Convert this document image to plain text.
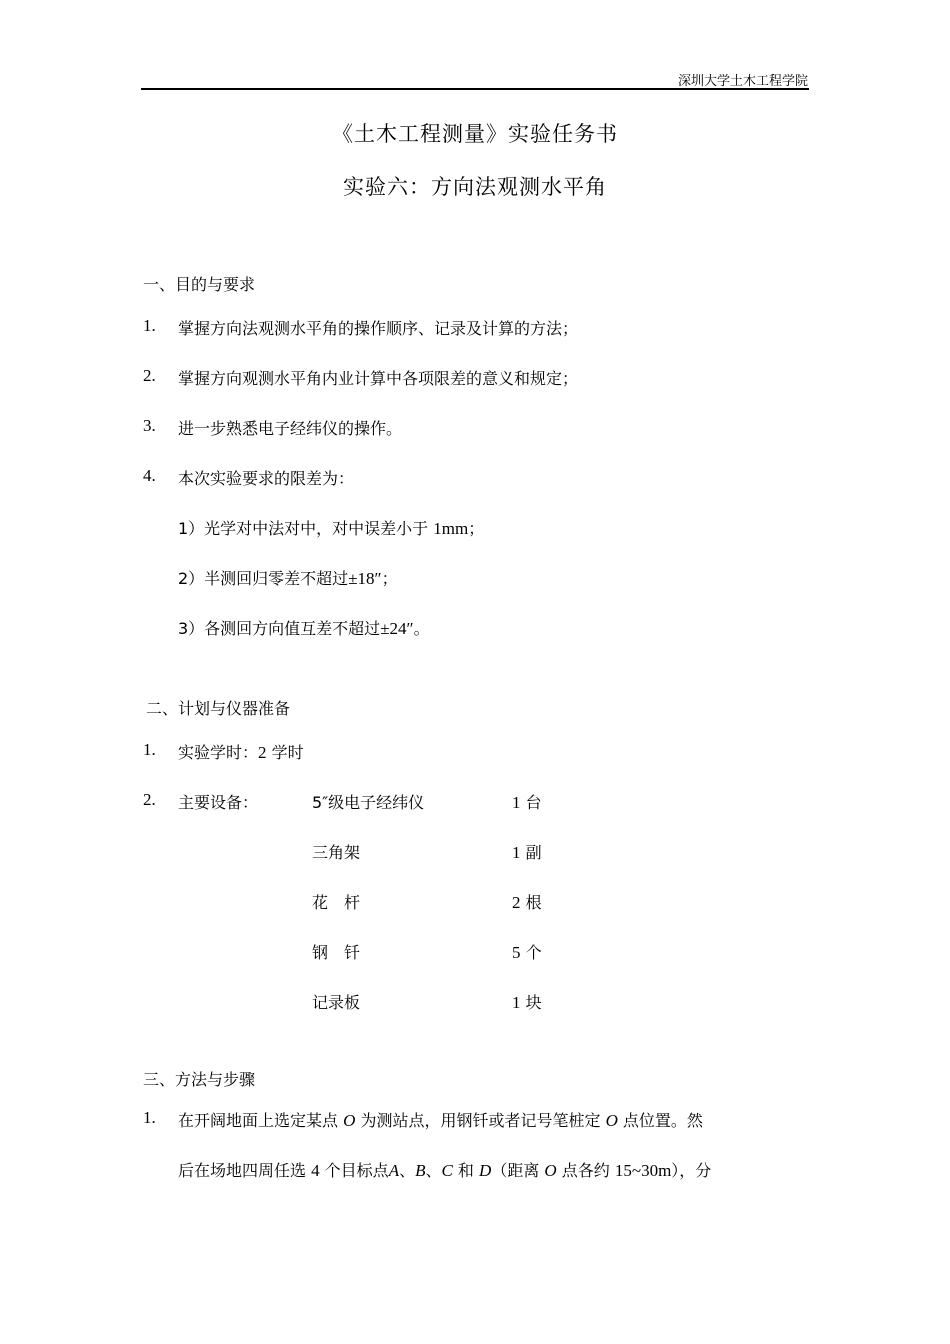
深圳大学土木工程学院
《土木工程测量》实验任务书
实验六：方向法观测水平角
一、目的与要求
1. 掌握方向法观测水平角的操作顺序、记录及计算的方法；
2. 掌握方向观测水平角内业计算中各项限差的意义和规定；
3. 进一步熟悉电子经纬仪的操作。
4. 本次实验要求的限差为：
1）光学对中法对中，对中误差小于 1mm；
2）半测回归零差不超过±18″；
3）各测回方向值互差不超过±24″。
二、计划与仪器准备
1. 实验学时：2 学时
2. 主要设备：	5″级电子经纬仪	1 台
三角架	1 副
花　杆	2 根
钢　钎	5 个
记录板	1 块
三、方法与步骤
1. 在开阔地面上选定某点 O 为测站点，用钢钎或者记号笔桩定 O 点位置。然
后在场地四周任选 4 个目标点A、B、C 和 D（距离 O 点各约 15~30m），分
